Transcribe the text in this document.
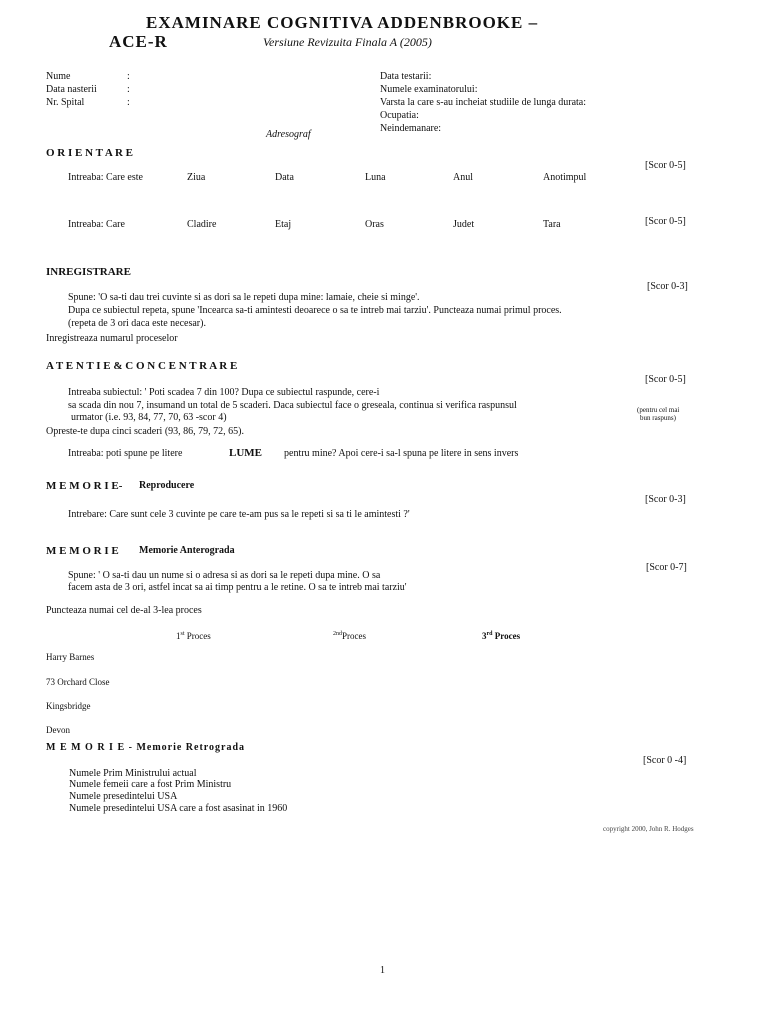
EXAMINARE COGNITIVA ADDENBROOKE –
ACE-R	Versiune Revizuita Finala A (2005)
Nume	:
Data nasterii	:
Nr. Spital	:
Adresograf
Data testarii:
Numele examinatorului:
Varsta la care s-au incheiat studiile de lunga durata:
Ocupatia:
Neindemanare:
O R I E N T A R E
[Scor 0-5]
Intreaba: Care este	Ziua	Data	Luna	Anul	Anotimpul
[Scor 0-5]
Intreaba: Care	Cladire	Etaj	Oras	Judet	Tara
INREGISTRARE
[Scor 0-3]
Spune: 'O sa-ti dau trei cuvinte si as dori sa le repeti dupa mine: lamaie, cheie si minge'.
Dupa ce subiectul repeta, spune 'Incearca sa-ti amintesti deoarece o sa te intreb mai tarziu'. Puncteaza numai primul proces.
(repeta de 3 ori daca este necesar).
Inregistreaza numarul proceselor
A T E N T I E & C O N C E N T R A R E
[Scor 0-5]
Intreaba subiectul: ' Poti scadea 7 din 100? Dupa ce subiectul raspunde, cere-i
sa scada din nou 7, insumand un total de 5 scaderi. Daca subiectul face o greseala, continua si verifica raspunsul
urmator (i.e. 93, 84, 77, 70, 63 -scor 4)
(pentru cel mai
bun raspuns)
Opreste-te dupa cinci scaderi (93, 86, 79, 72, 65).
Intreaba: poti spune pe litere	LUME pentru mine? Apoi cere-i sa-l spuna pe litere in sens invers
M E M O R I E- Reproducere
[Scor 0-3]
Intrebare: Care sunt cele 3 cuvinte pe care te-am pus sa le repeti si sa ti le amintesti ?'
M E M O R I E Memorie Anterograda
[Scor 0-7]
Spune: ' O sa-ti dau un nume si o adresa si as dori sa le repeti dupa mine. O sa
facem asta de 3 ori, astfel incat sa ai timp pentru a le retine. O sa te intreb mai tarziu'
Puncteaza numai cel de-al 3-lea proces
1st Proces	$^{2nd}$Proces	3rd Proces
Harry Barnes
73 Orchard Close
Kingsbridge
Devon
M E M O R I E - Memorie Retrograda
[Scor 0 -4]
Numele Prim Ministrului actual
Numele femeii care a fost Prim Ministru
Numele presedintelui USA
Numele presedintelui USA care a fost asasinat in 1960
copyright 2000, John R. Hodges
1
